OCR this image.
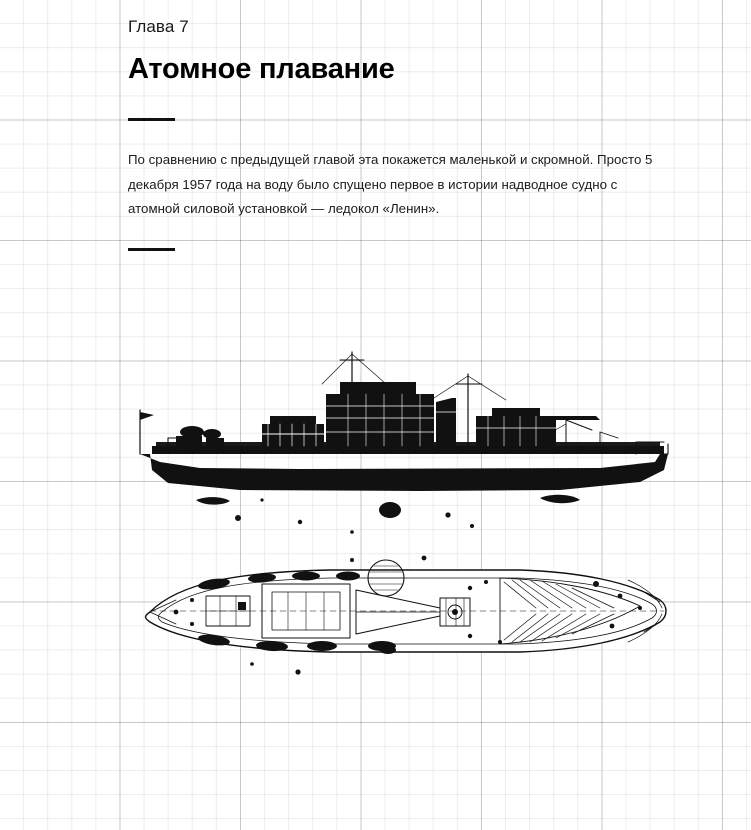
Глава 7
Атомное плавание

По сравнению с предыдущей главой эта покажется маленькой и скромной. Просто 5 декабря 1957 года на воду было спущено первое в истории надводное судно с атомной силовой установкой — ледокол «Ленин».
